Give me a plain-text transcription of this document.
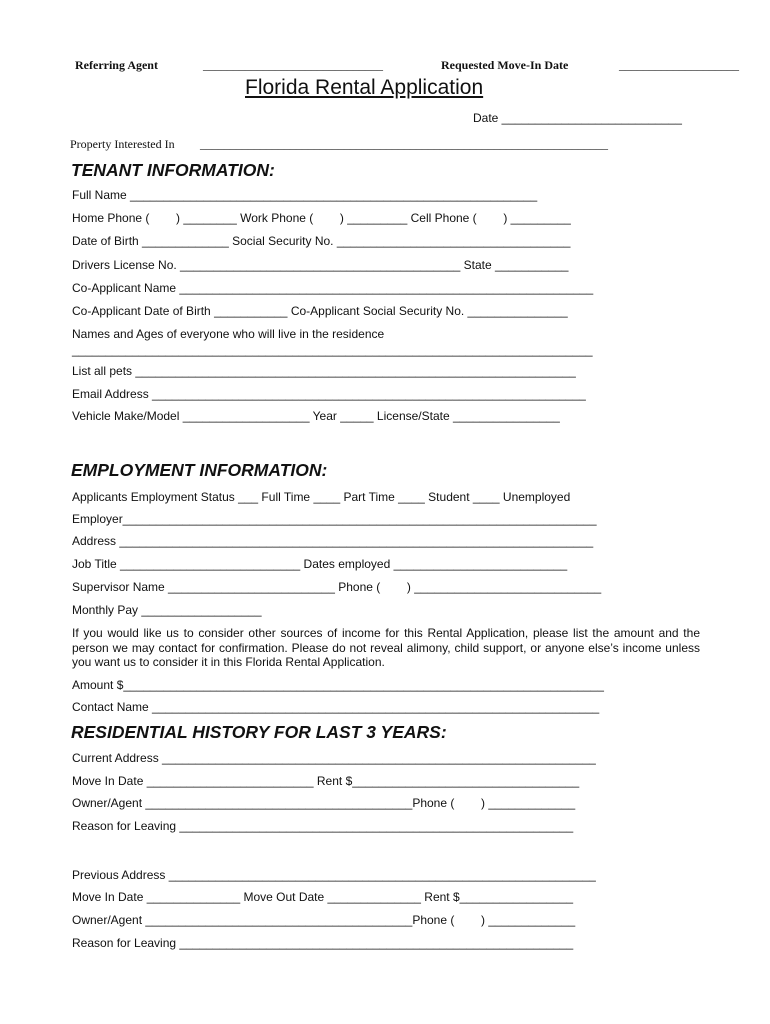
Referring Agent	______________________________	Requested Move-In Date	____________________
Florida Rental Application
Date ___________________________
Property Interested In ____________________________________________________________________
TENANT INFORMATION:
Full Name _____________________________________________________________
Home Phone (        ) ________ Work Phone (        ) _________ Cell Phone (        ) _________
Date of Birth _____________ Social Security No. ___________________________________
Drivers License No. __________________________________________ State ___________
Co-Applicant Name ______________________________________________________________
Co-Applicant Date of Birth ___________ Co-Applicant Social Security No. _______________
Names and Ages of everyone who will live in the residence
______________________________________________________________________________
List all pets __________________________________________________________________
Email Address _________________________________________________________________
Vehicle Make/Model ___________________ Year _____ License/State ________________
EMPLOYMENT INFORMATION:
Applicants Employment Status ___ Full Time ____ Part Time ____ Student ____ Unemployed
Employer_______________________________________________________________________
Address _______________________________________________________________________
Job Title ___________________________ Dates employed __________________________
Supervisor Name _________________________ Phone (        ) ____________________________
Monthly Pay __________________
If you would like us to consider other sources of income for this Rental Application, please list the amount and the person we may contact for confirmation. Please do not reveal alimony, child support, or anyone else’s income unless you want us to consider it in this Florida Rental Application.
Amount $________________________________________________________________________
Contact Name ___________________________________________________________________
RESIDENTIAL HISTORY FOR LAST 3 YEARS:
Current Address _________________________________________________________________
Move In Date _________________________ Rent $__________________________________
Owner/Agent ________________________________________Phone (        ) _____________
Reason for Leaving ___________________________________________________________
Previous Address ________________________________________________________________
Move In Date ______________ Move Out Date ______________ Rent $_________________
Owner/Agent ________________________________________Phone (        ) _____________
Reason for Leaving ___________________________________________________________
